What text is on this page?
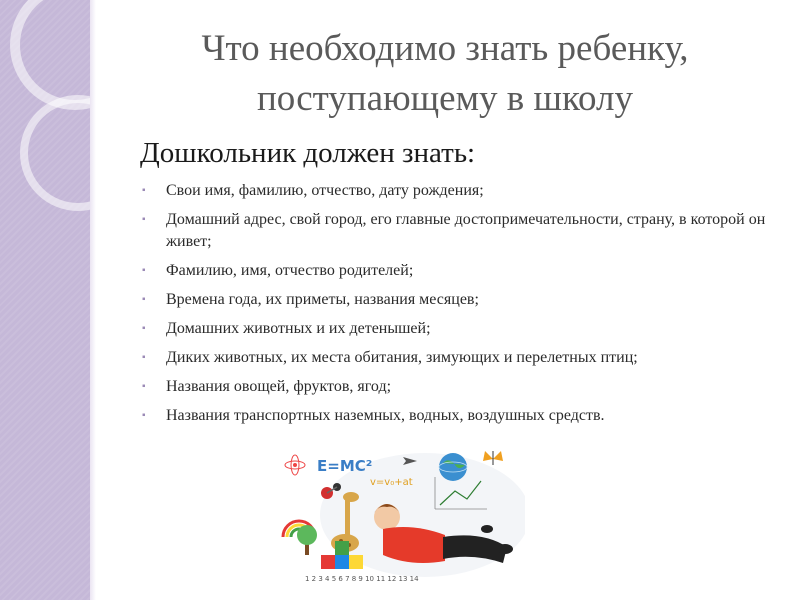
Что необходимо знать ребенку, поступающему в школу
Дошкольник должен знать:
▪ Свои имя, фамилию, отчество, дату рождения;
▪ Домашний адрес, свой город, его главные достопримечательности, страну, в которой он живет;
▪ Фамилию, имя, отчество родителей;
▪ Времена года, их приметы, названия месяцев;
▪ Домашних животных и их детенышей;
▪ Диких животных, их места обитания, зимующих и перелетных птиц;
▪ Названия овощей, фруктов, ягод;
▪ Названия транспортных наземных, водных, воздушных средств.
E=MC²
v=v₀+at
1 2 3 4 5 6 7 8 9 10 11 12 13 14
